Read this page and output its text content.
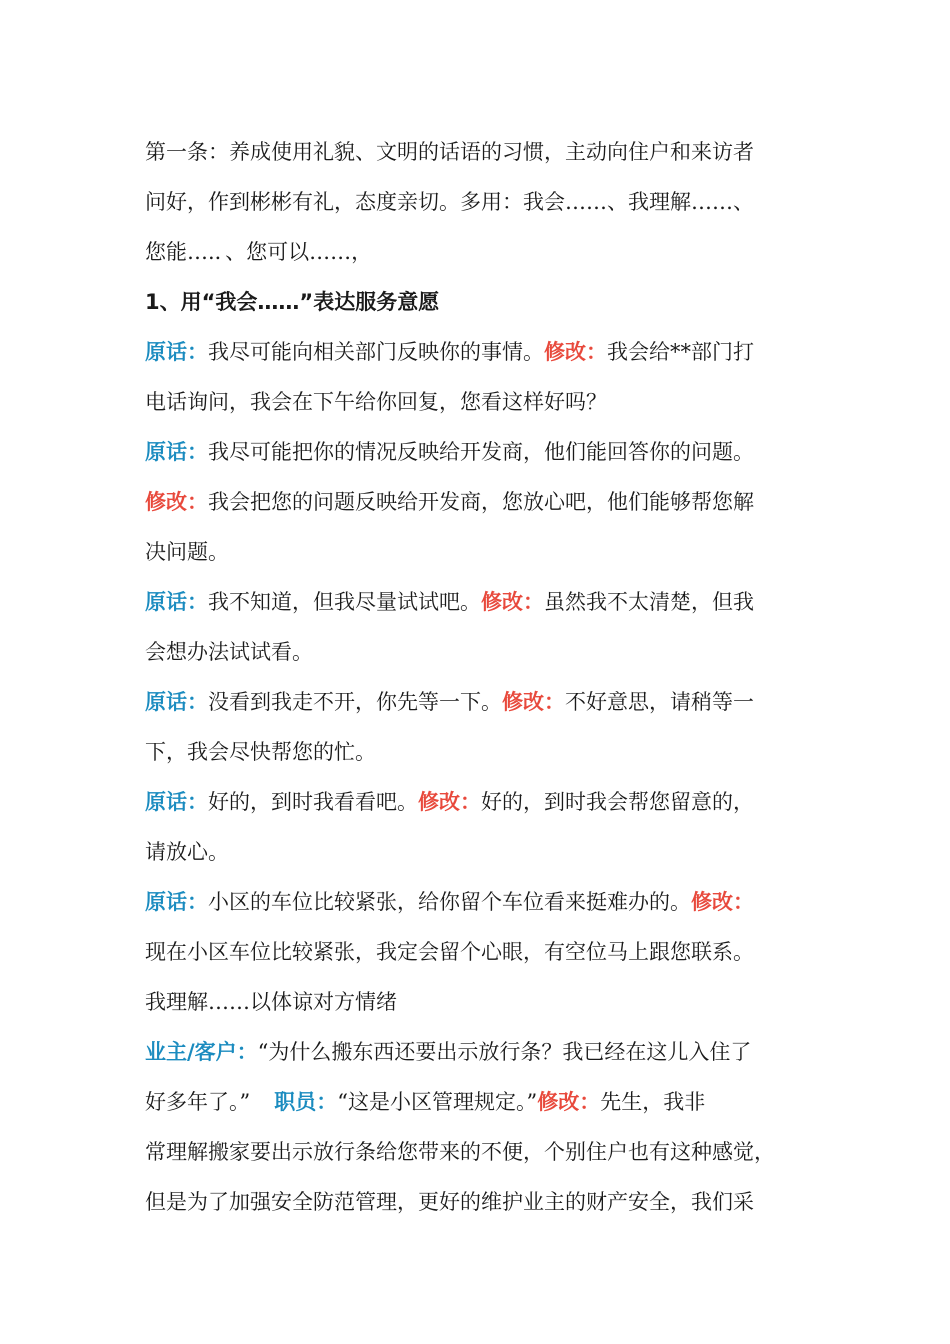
第一条：养成使用礼貌、文明的话语的习惯，主动向住户和来访者

问好，作到彬彬有礼，态度亲切。多用：我会……、我理解……、

您能….．、您可以……，

1、用“我会……”表达服务意愿

原话：我尽可能向相关部门反映你的事情。修改：我会给**部门打

电话询问，我会在下午给你回复，您看这样好吗？

原话：我尽可能把你的情况反映给开发商，他们能回答你的问题。

修改：我会把您的问题反映给开发商，您放心吧，他们能够帮您解

决问题。

原话：我不知道，但我尽量试试吧。修改：虽然我不太清楚，但我

会想办法试试看。

原话：没看到我走不开，你先等一下。修改：不好意思，请稍等一

下，我会尽快帮您的忙。

原话：好的，到时我看看吧。修改：好的，到时我会帮您留意的，

请放心。

原话：小区的车位比较紧张，给你留个车位看来挺难办的。修改：

现在小区车位比较紧张，我定会留个心眼，有空位马上跟您联系。

我理解……以体谅对方情绪

业主/客户：“为什么搬东西还要出示放行条？我已经在这儿入住了

好多年了。” 职员：“这是小区管理规定。”修改：先生，我非

常理解搬家要出示放行条给您带来的不便，个别住户也有这种感觉，

但是为了加强安全防范管理，更好的维护业主的财产安全，我们采
